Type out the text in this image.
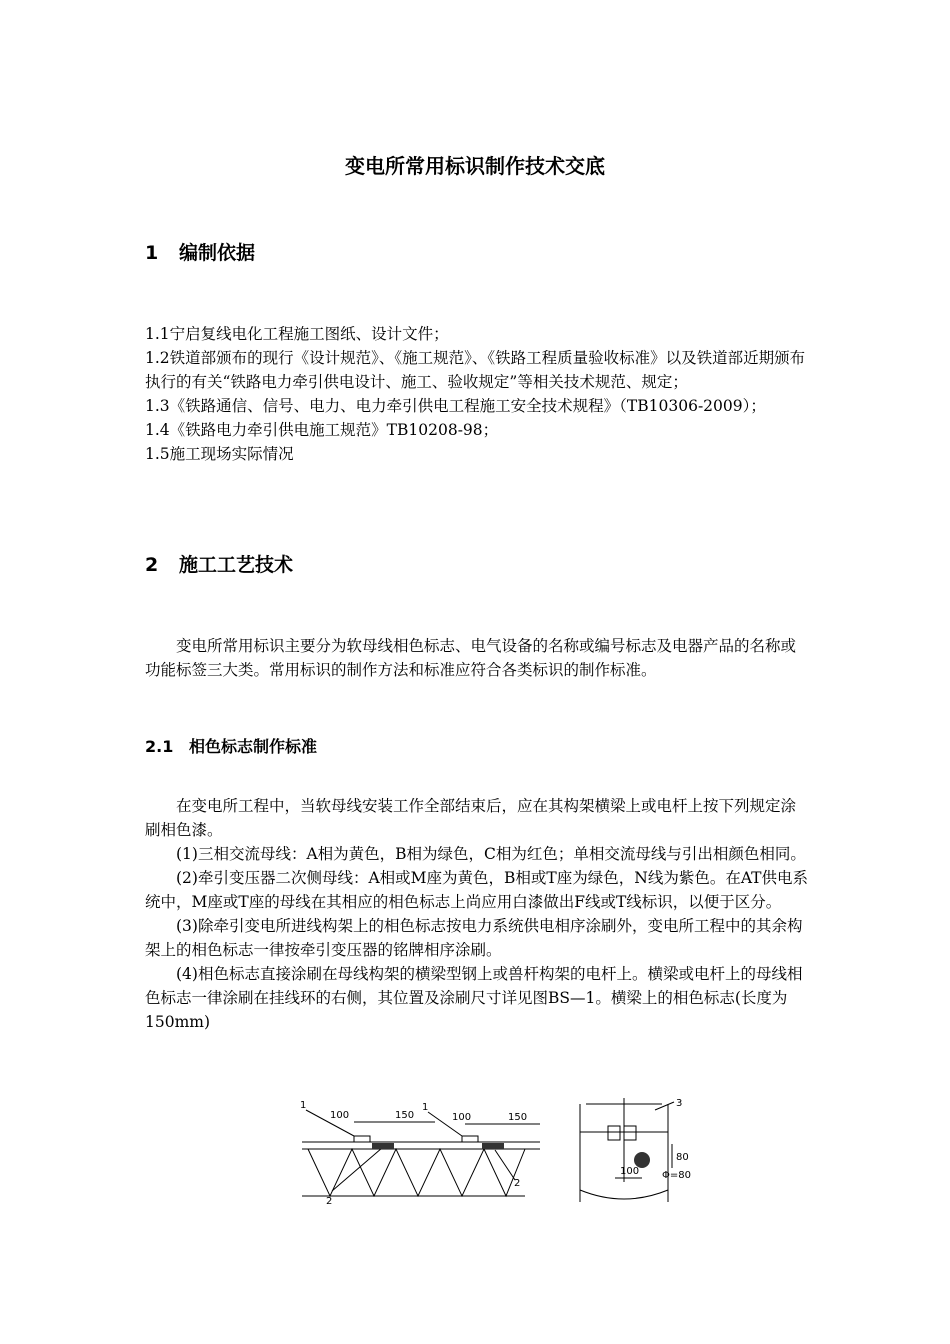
变电所常用标识制作技术交底
1 编制依据

1.1宁启复线电化工程施工图纸、设计文件；

1.2铁道部颁布的现行《设计规范》、《施工规范》、《铁路工程质量验收标准》以及铁道部近期颁布执行的有关“铁路电力牵引供电设计、施工、验收规定”等相关技术规范、规定；

1.3《铁路通信、信号、电力、电力牵引供电工程施工安全技术规程》（TB10306-2009）；

1.4《铁路电力牵引供电施工规范》TB10208-98；

1.5施工现场实际情况

2 施工工艺技术

变电所常用标识主要分为软母线相色标志、电气设备的名称或编号标志及电器产品的名称或功能标签三大类。常用标识的制作方法和标准应符合各类标识的制作标准。

2.1 相色标志制作标准

在变电所工程中，当软母线安装工作全部结束后，应在其构架横梁上或电杆上按下列规定涂刷相色漆。

(1)三相交流母线：A相为黄色，B相为绿色，C相为红色；单相交流母线与引出相颜色相同。

(2)牵引变压器二次侧母线：A相或M座为黄色，B相或T座为绿色，N线为紫色。在AT供电系统中，M座或T座的母线在其相应的相色标志上尚应用白漆做出F线或T线标识，以便于区分。

(3)除牵引变电所进线构架上的相色标志按电力系统供电相序涂刷外，变电所工程中的其余构架上的相色标志一律按牵引变压器的铭牌相序涂刷。

(4)相色标志直接涂刷在母线构架的横梁型钢上或兽杆构架的电杆上。横梁或电杆上的母线相色标志一律涂刷在挂线环的右侧，其位置及涂刷尺寸详见图BS—1。横梁上的相色标志(长度为150mm)

1
100	150
1
100	150
2
2
3
80
100 Φ=80
